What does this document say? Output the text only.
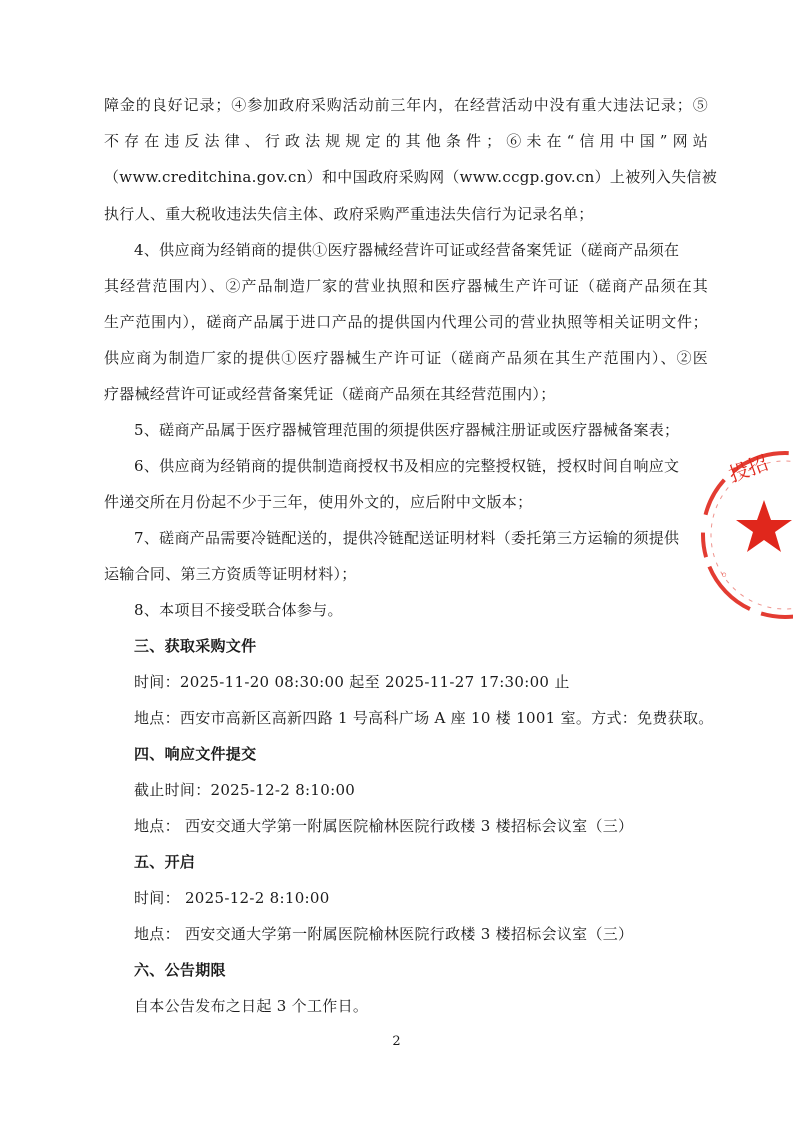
障金的良好记录；④参加政府采购活动前三年内，在经营活动中没有重大违法记录；⑤
不存在违反法律、行政法规规定的其他条件；⑥未在“信用中国”网站
（www.creditchina.gov.cn）和中国政府采购网（www.ccgp.gov.cn）上被列入失信被
执行人、重大税收违法失信主体、政府采购严重违法失信行为记录名单；
4、供应商为经销商的提供①医疗器械经营许可证或经营备案凭证（磋商产品须在
其经营范围内）、②产品制造厂家的营业执照和医疗器械生产许可证（磋商产品须在其
生产范围内），磋商产品属于进口产品的提供国内代理公司的营业执照等相关证明文件；
供应商为制造厂家的提供①医疗器械生产许可证（磋商产品须在其生产范围内）、②医
疗器械经营许可证或经营备案凭证（磋商产品须在其经营范围内）；
5、磋商产品属于医疗器械管理范围的须提供医疗器械注册证或医疗器械备案表；
6、供应商为经销商的提供制造商授权书及相应的完整授权链，授权时间自响应文
件递交所在月份起不少于三年，使用外文的，应后附中文版本；
7、磋商产品需要冷链配送的，提供冷链配送证明材料（委托第三方运输的须提供
运输合同、第三方资质等证明材料）；
8、本项目不接受联合体参与。
三、获取采购文件
时间：2025-11-20 08:30:00 起至 2025-11-27 17:30:00 止
地点：西安市高新区高新四路 1 号高科广场 A 座 10 楼 1001 室。方式：免费获取。
四、响应文件提交
截止时间：2025-12-2 8:10:00
地点： 西安交通大学第一附属医院榆林医院行政楼 3 楼招标会议室（三）
五、开启
时间： 2025-12-2 8:10:00
地点： 西安交通大学第一附属医院榆林医院行政楼 3 楼招标会议室（三）
六、公告期限
自本公告发布之日起 3 个工作日。
2
投招
◦
